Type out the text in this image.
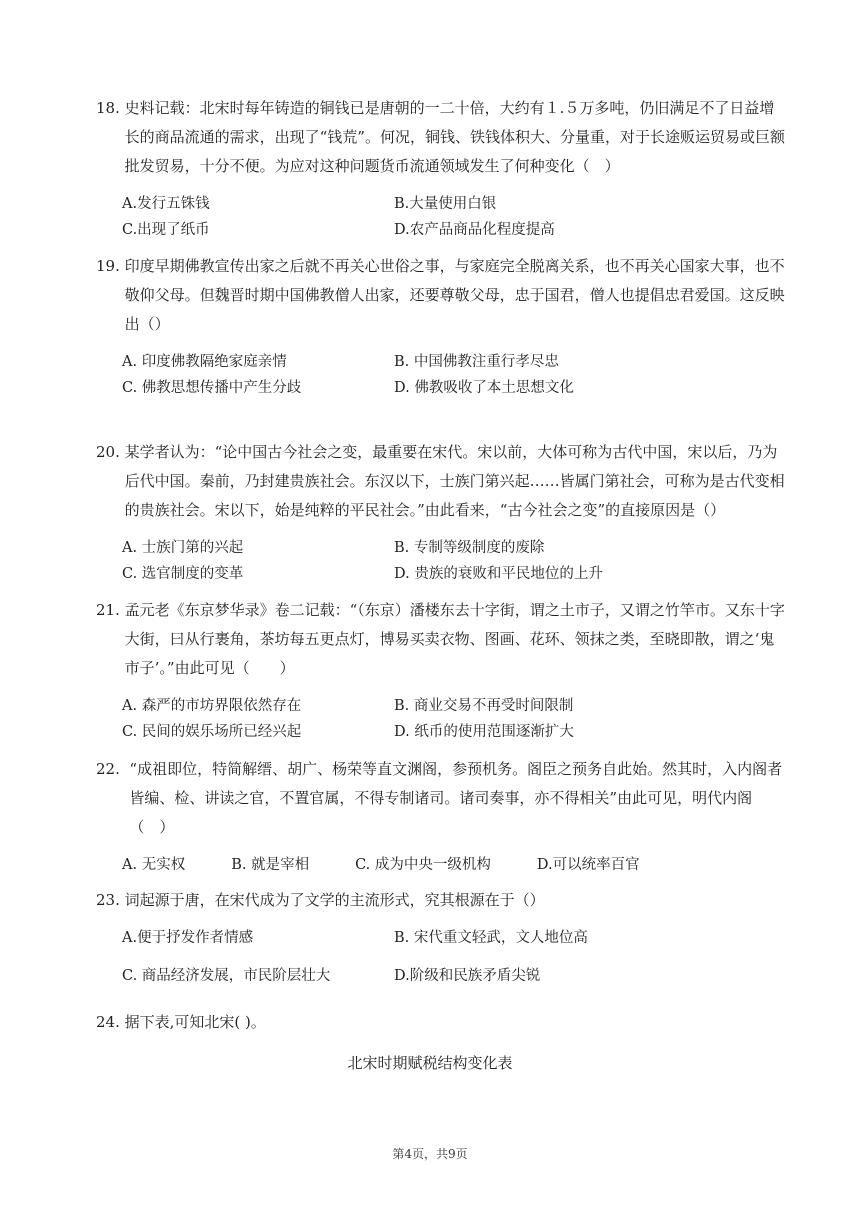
18.
史料记载：北宋时每年铸造的铜钱已是唐朝的一二十倍，大约有１.５万多吨，仍旧满足不了日益增长的商品流通的需求，出现了“钱荒”。何况，铜钱、铁钱体积大、分量重，对于长途贩运贸易或巨额批发贸易，十分不便。为应对这种问题货币流通领域发生了何种变化（　）
A.发行五铢钱	B.大量使用白银
C.出现了纸币	D.农产品商品化程度提高
19.
印度早期佛教宣传出家之后就不再关心世俗之事，与家庭完全脱离关系，也不再关心国家大事，也不敬仰父母。但魏晋时期中国佛教僧人出家，还要尊敬父母，忠于国君，僧人也提倡忠君爱国。这反映出（）
A. 印度佛教隔绝家庭亲情	B. 中国佛教注重行孝尽忠
C. 佛教思想传播中产生分歧	D. 佛教吸收了本土思想文化
20.
某学者认为：“论中国古今社会之变，最重要在宋代。宋以前，大体可称为古代中国，宋以后，乃为后代中国。秦前，乃封建贵族社会。东汉以下，士族门第兴起……皆属门第社会，可称为是古代变相的贵族社会。宋以下，始是纯粹的平民社会。”由此看来，“古今社会之变”的直接原因是（）
A. 士族门第的兴起	B. 专制等级制度的废除
C. 选官制度的变革	D. 贵族的衰败和平民地位的上升
21.
孟元老《东京梦华录》卷二记载：“（东京）潘楼东去十字街，谓之土市子，又谓之竹竿市。又东十字大街，曰从行裹角，茶坊每五更点灯，博易买卖衣物、图画、花环、领抹之类，至晓即散，谓之‘鬼市子’。”由此可见（　　）
A. 森严的市坊界限依然存在	B. 商业交易不再受时间限制
C. 民间的娱乐场所已经兴起	D. 纸币的使用范围逐渐扩大
22.
“成祖即位，特简解缙、胡广、杨荣等直文渊阁，参预机务。阁臣之预务自此始。然其时，入内阁者皆编、检、讲读之官，不置官属，不得专制诸司。诸司奏事，亦不得相关”由此可见，明代内阁（　）
A. 无实权	B. 就是宰相	C. 成为中央一级机构	D.可以统率百官
23.
词起源于唐，在宋代成为了文学的主流形式，究其根源在于（）
A.便于抒发作者情感	B. 宋代重文轻武，文人地位高
C. 商品经济发展，市民阶层壮大	D.阶级和民族矛盾尖锐
24.
据下表,可知北宋( )。
北宋时期赋税结构变化表
第4页，共9页
